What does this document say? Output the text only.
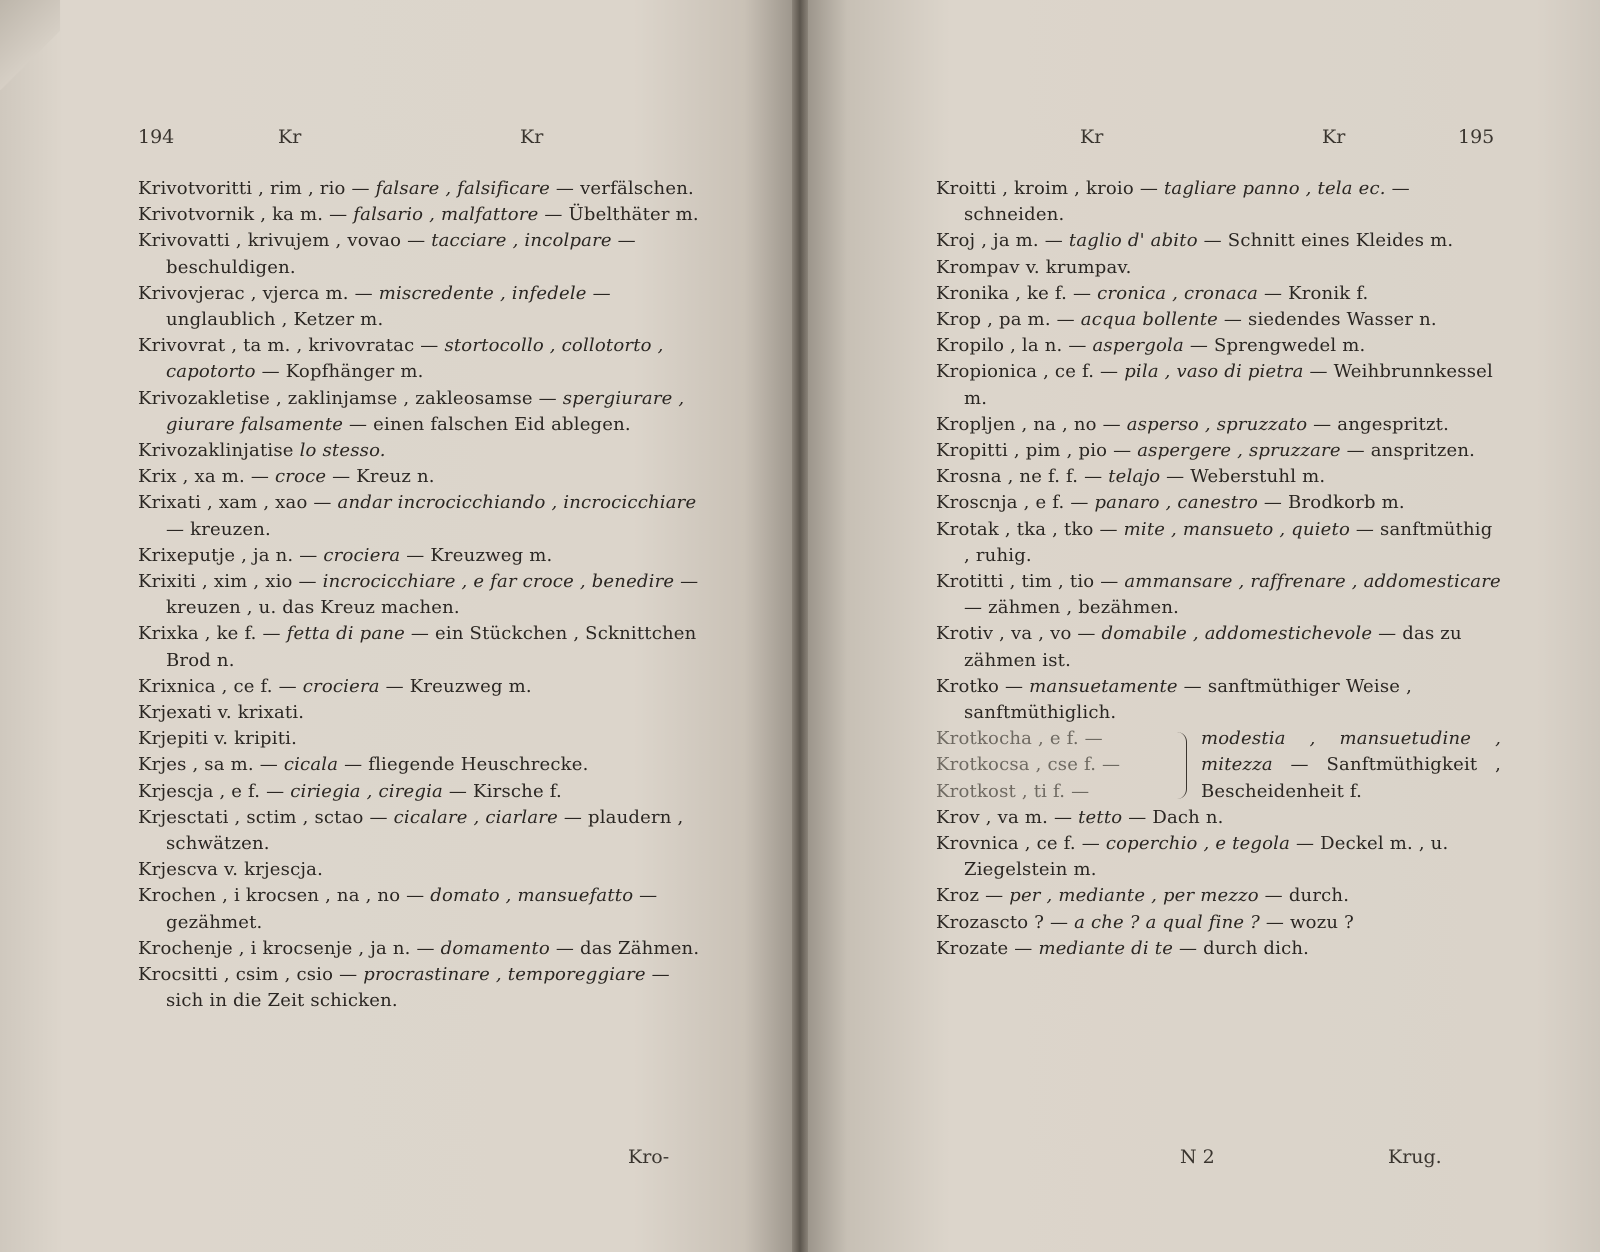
194	Kr	Kr

Krivotvoritti , rim , rio — falsare , falsificare — verfälschen.

Krivotvornik , ka m. — falsario , malfattore — Übelthäter m.

Krivovatti , krivujem , vovao — tacciare , incolpare — beschuldigen.

Krivovjerac , vjerca m. — miscredente , infedele — unglaublich , Ketzer m.

Krivovrat , ta m. , krivovratac — stortocollo , collotorto , capotorto — Kopfhänger m.

Krivozakletise , zaklinjamse , zakleosamse — spergiurare , giurare falsamente — einen falschen Eid ablegen.

Krivozaklinjatise lo stesso.

Krix , xa m. — croce — Kreuz n.

Krixati , xam , xao — andar incrocicchiando , incrocicchiare — kreuzen.

Krixeputje , ja n. — crociera — Kreuzweg m.

Krixiti , xim , xio — incrocicchiare , e far croce , benedire — kreuzen , u. das Kreuz machen.

Krixka , ke f. — fetta di pane — ein Stückchen , Scknittchen Brod n.

Krixnica , ce f. — crociera — Kreuzweg m.

Krjexati v. krixati.

Krjepiti v. kripiti.

Krjes , sa m. — cicala — fliegende Heuschrecke.

Krjescja , e f. — ciriegia , ciregia — Kirsche f.

Krjesctati , sctim , sctao — cicalare , ciarlare — plaudern , schwätzen.

Krjescva v. krjescja.

Krochen , i krocsen , na , no — domato , mansuefatto — gezähmet.

Krochenje , i krocsenje , ja n. — domamento — das Zähmen.

Krocsitti , csim , csio — procrastinare , temporeggiare — sich in die Zeit schicken.

Kro-
Kr	Kr	195

Kroitti , kroim , kroio — tagliare panno , tela ec. — schneiden.

Kroj , ja m. — taglio d' abito — Schnitt eines Kleides m.

Krompav v. krumpav.

Kronika , ke f. — cronica , cronaca — Kronik f.

Krop , pa m. — acqua bollente — siedendes Wasser n.

Kropilo , la n. — aspergola — Sprengwedel m.

Kropionica , ce f. — pila , vaso di pietra — Weihbrunnkessel m.

Kropljen , na , no — asperso , spruzzato — angespritzt.

Kropitti , pim , pio — aspergere , spruzzare — anspritzen.

Krosna , ne f. f. — telajo — Weberstuhl m.

Kroscnja , e f. — panaro , canestro — Brodkorb m.

Krotak , tka , tko — mite , mansueto , quieto — sanftmüthig , ruhig.

Krotitti , tim , tio — ammansare , raffrenare , addomesticare — zähmen , bezähmen.

Krotiv , va , vo — domabile , addomestichevole — das zu zähmen ist.

Krotko — mansuetamente — sanftmüthiger Weise , sanftmüthiglich.

Krotkocha , e f. —
Krotkocsa , cse f. —
Krotkost , ti f. —
modestia , mansuetudine , mitezza — Sanftmüthigkeit , Bescheidenheit f.

Krov , va m. — tetto — Dach n.

Krovnica , ce f. — coperchio , e tegola — Deckel m. , u. Ziegelstein m.

Kroz — per , mediante , per mezzo — durch.

Krozascto ? — a che ? a qual fine ? — wozu ?

Krozate — mediante di te — durch dich.

N 2	Krug.
